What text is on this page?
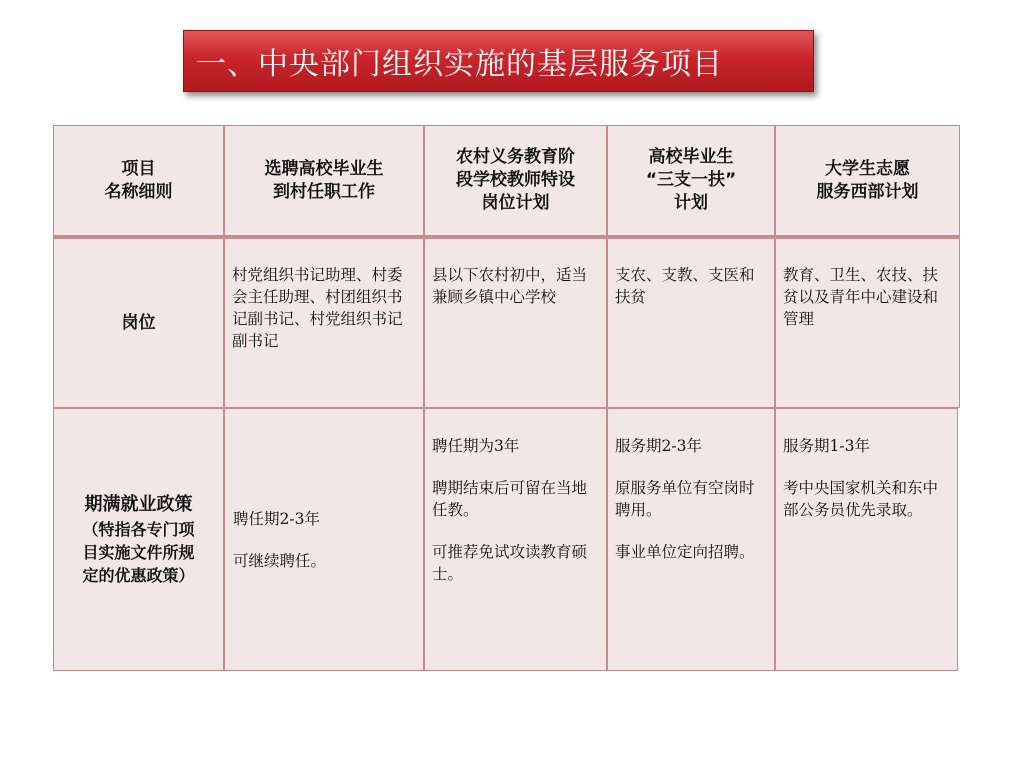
一、中央部门组织实施的基层服务项目
项目
名称细则
选聘高校毕业生
到村任职工作
农村义务教育阶
段学校教师特设
岗位计划
高校毕业生
“三支一扶”
计划
大学生志愿
服务西部计划
岗位
村党组织书记助理、村委会主任助理、村团组织书记副书记、村党组织书记副书记
县以下农村初中，适当兼顾乡镇中心学校
支农、支教、支医和扶贫
教育、卫生、农技、扶贫以及青年中心建设和管理
期满就业政策
（特指各专门项
目实施文件所规
定的优惠政策）
聘任期2-3年
可继续聘任。
聘任期为3年
聘期结束后可留在当地任教。
可推荐免试攻读教育硕士。
服务期2-3年
原服务单位有空岗时聘用。
事业单位定向招聘。
服务期1-3年
考中央国家机关和东中部公务员优先录取。
